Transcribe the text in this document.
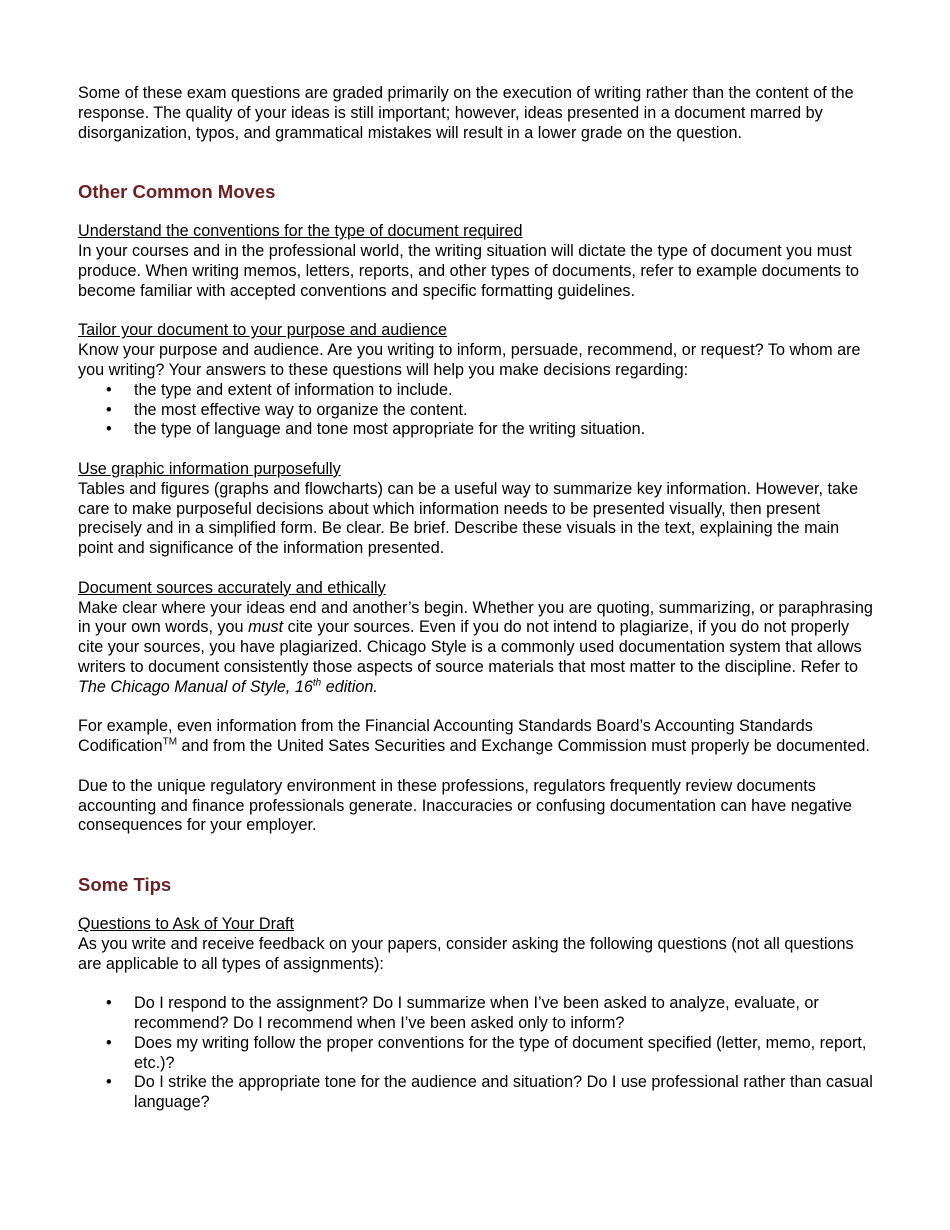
Some of these exam questions are graded primarily on the execution of writing rather than the content of the response. The quality of your ideas is still important; however, ideas presented in a document marred by disorganization, typos, and grammatical mistakes will result in a lower grade on the question.

Other Common Moves

Understand the conventions for the type of document required

In your courses and in the professional world, the writing situation will dictate the type of document you must produce. When writing memos, letters, reports, and other types of documents, refer to example documents to become familiar with accepted conventions and specific formatting guidelines.

Tailor your document to your purpose and audience

Know your purpose and audience. Are you writing to inform, persuade, recommend, or request? To whom are you writing? Your answers to these questions will help you make decisions regarding:

• the type and extent of information to include.
• the most effective way to organize the content.
• the type of language and tone most appropriate for the writing situation.

Use graphic information purposefully

Tables and figures (graphs and flowcharts) can be a useful way to summarize key information. However, take care to make purposeful decisions about which information needs to be presented visually, then present precisely and in a simplified form. Be clear. Be brief. Describe these visuals in the text, explaining the main point and significance of the information presented.

Document sources accurately and ethically

Make clear where your ideas end and another’s begin. Whether you are quoting, summarizing, or paraphrasing in your own words, you must cite your sources. Even if you do not intend to plagiarize, if you do not properly cite your sources, you have plagiarized. Chicago Style is a commonly used documentation system that allows writers to document consistently those aspects of source materials that most matter to the discipline. Refer to The Chicago Manual of Style, 16th edition.

For example, even information from the Financial Accounting Standards Board’s Accounting Standards Codification™ and from the United Sates Securities and Exchange Commission must properly be documented.

Due to the unique regulatory environment in these professions, regulators frequently review documents accounting and finance professionals generate. Inaccuracies or confusing documentation can have negative consequences for your employer.

Some Tips

Questions to Ask of Your Draft

As you write and receive feedback on your papers, consider asking the following questions (not all questions are applicable to all types of assignments):

• Do I respond to the assignment? Do I summarize when I’ve been asked to analyze, evaluate, or recommend? Do I recommend when I’ve been asked only to inform?
• Does my writing follow the proper conventions for the type of document specified (letter, memo, report, etc.)?
• Do I strike the appropriate tone for the audience and situation? Do I use professional rather than casual language?
